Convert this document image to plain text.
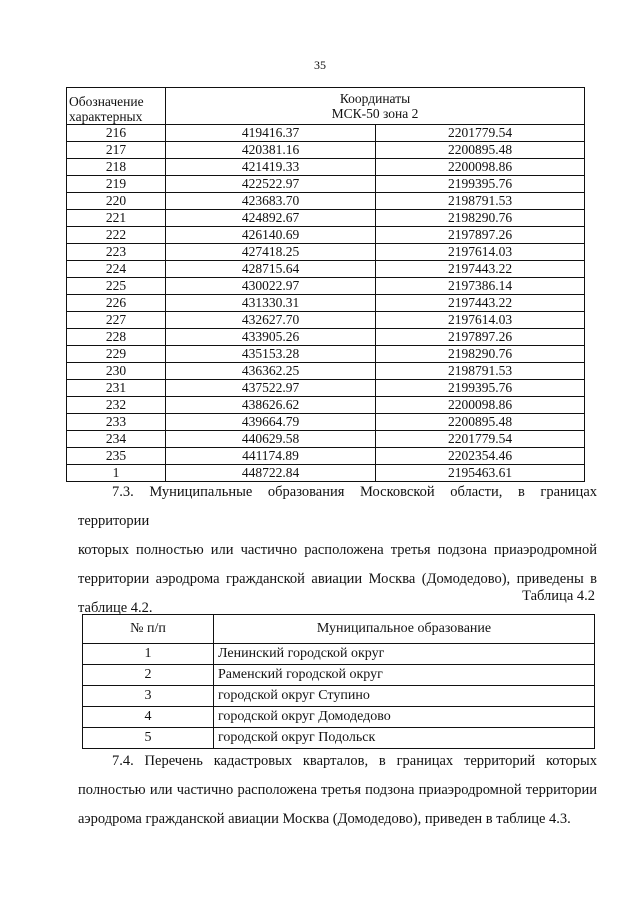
35
Обозначение характерных	Координаты
МСК-50 зона 2	

216	419416.37	2201779.54
217	420381.16	2200895.48
218	421419.33	2200098.86
219	422522.97	2199395.76
220	423683.70	2198791.53
221	424892.67	2198290.76
222	426140.69	2197897.26
223	427418.25	2197614.03
224	428715.64	2197443.22
225	430022.97	2197386.14
226	431330.31	2197443.22
227	432627.70	2197614.03
228	433905.26	2197897.26
229	435153.28	2198290.76
230	436362.25	2198791.53
231	437522.97	2199395.76
232	438626.62	2200098.86
233	439664.79	2200895.48
234	440629.58	2201779.54
235	441174.89	2202354.46
1	448722.84	2195463.61

7.3. Муниципальные образования Московской области, в границах территории

которых полностью или частично расположена третья подзона приаэродромной

территории аэродрома гражданской авиации Москва (Домодедово), приведены в

таблице 4.2.

Таблица 4.2
№ п/п	Муниципальное образование
1	Ленинский городской округ
2	Раменский городской округ
3	городской округ Ступино
4	городской округ Домодедово
5	городской округ Подольск

7.4. Перечень кадастровых кварталов, в границах территорий которых

полностью или частично расположена третья подзона приаэродромной территории

аэродрома гражданской авиации Москва (Домодедово), приведен в таблице 4.3.
